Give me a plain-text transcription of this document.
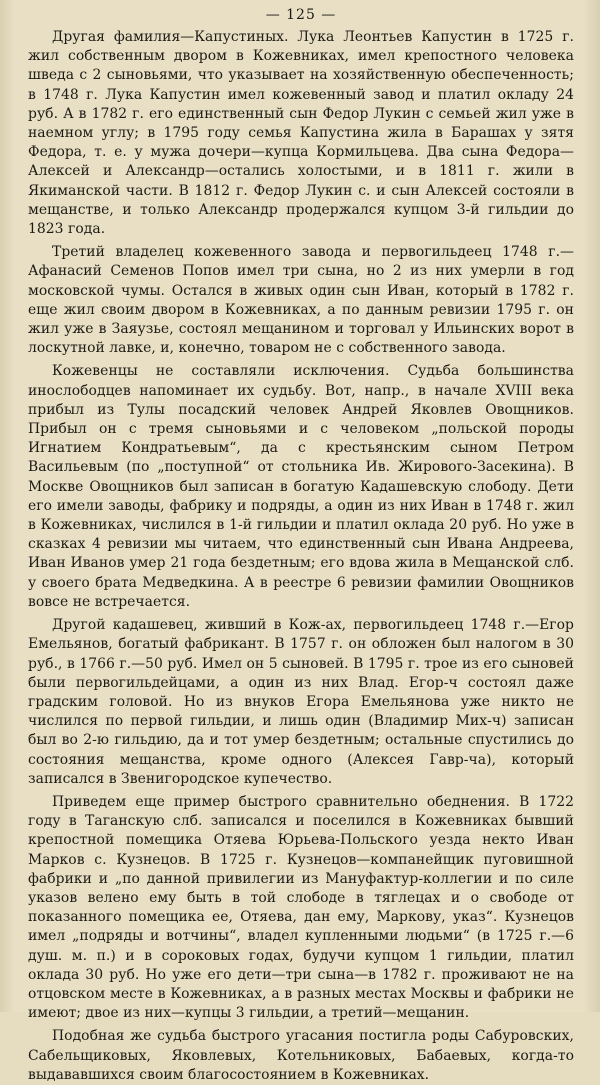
— 125 —

Другая фамилия—Капустиных. Лука Леонтьев Капустин в 1725 г. жил собственным двором в Кожевниках, имел крепостного человека шведа с 2 сыновьями, что указывает на хозяйственную обеспеченность; в 1748 г. Лука Капустин имел кожевенный завод и платил окладу 24 руб. А в 1782 г. его единственный сын Федор Лукин с семьей жил уже в наемном углу; в 1795 году семья Капустина жила в Барашах у зятя Федора, т. е. у мужа дочери—купца Кормильцева. Два сына Федора—Алексей и Александр—остались холостыми, и в 1811 г. жили в Якиманской части. В 1812 г. Федор Лукин с. и сын Алексей состояли в мещанстве, и только Александр продержался купцом 3-й гильдии до 1823 года.

Третий владелец кожевенного завода и первогильдеец 1748 г.—Афанасий Семенов Попов имел три сына, но 2 из них умерли в год московской чумы. Остался в живых один сын Иван, который в 1782 г. еще жил своим двором в Кожевниках, а по данным ревизии 1795 г. он жил уже в Заяузье, состоял мещанином и торговал у Ильинских ворот в лоскутной лавке, и, конечно, товаром не с собственного завода.

Кожевенцы не составляли исключения. Судьба большинства инослободцев напоминает их судьбу. Вот, напр., в начале XVIII века прибыл из Тулы посадский человек Андрей Яковлев Овощников. Прибыл он с тремя сыновьями и с человеком „польской породы Игнатием Кондратьевым“, да с крестьянским сыном Петром Васильевым (по „поступной“ от стольника Ив. Жирового-Засекина). В Москве Овощников был записан в богатую Кадашевскую слободу. Дети его имели заводы, фабрику и подряды, а один из них Иван в 1748 г. жил в Кожевниках, числился в 1-й гильдии и платил оклада 20 руб. Но уже в сказках 4 ревизии мы читаем, что единственный сын Ивана Андреева, Иван Иванов умер 21 года бездетным; его вдова жила в Мещанской слб. у своего брата Медведкина. А в реестре 6 ревизии фамилии Овощников вовсе не встречается.

Другой кадашевец, живший в Кож-ах, первогильдеец 1748 г.—Егор Емельянов, богатый фабрикант. В 1757 г. он обложен был налогом в 30 руб., в 1766 г.—50 руб. Имел он 5 сыновей. В 1795 г. трое из его сыновей были первогильдейцами, а один из них Влад. Егор-ч состоял даже градским головой. Но из внуков Егора Емельянова уже никто не числился по первой гильдии, и лишь один (Владимир Мих-ч) записан был во 2-ю гильдию, да и тот умер бездетным; остальные спустились до состояния мещанства, кроме одного (Алексея Гавр-ча), который записался в Звенигородское купечество.

Приведем еще пример быстрого сравнительно обеднения. В 1722 году в Таганскую слб. записался и поселился в Кожевниках бывший крепостной помещика Отяева Юрьева-Польского уезда некто Иван Марков с. Кузнецов. В 1725 г. Кузнецов—компанейщик пуговишной фабрики и „по данной привилегии из Мануфактур-коллегии и по силе указов велено ему быть в той слободе в тяглецах и о свободе от показанного помещика ее, Отяева, дан ему, Маркову, указ“. Кузнецов имел „подряды и вотчины“, владел купленными людьми“ (в 1725 г.—6 душ. м. п.) и в сороковых годах, будучи купцом 1 гильдии, платил оклада 30 руб. Но уже его дети—три сына—в 1782 г. проживают не на отцовском месте в Кожевниках, а в разных местах Москвы и фабрики не имеют; двое из них—купцы 3 гильдии, а третий—мещанин.

Подобная же судьба быстрого угасания постигла роды Сабуровских, Сабельщиковых, Яковлевых, Котельниковых, Бабаевых, когда-то выдававшихся своим благосостоянием в Кожевниках.
